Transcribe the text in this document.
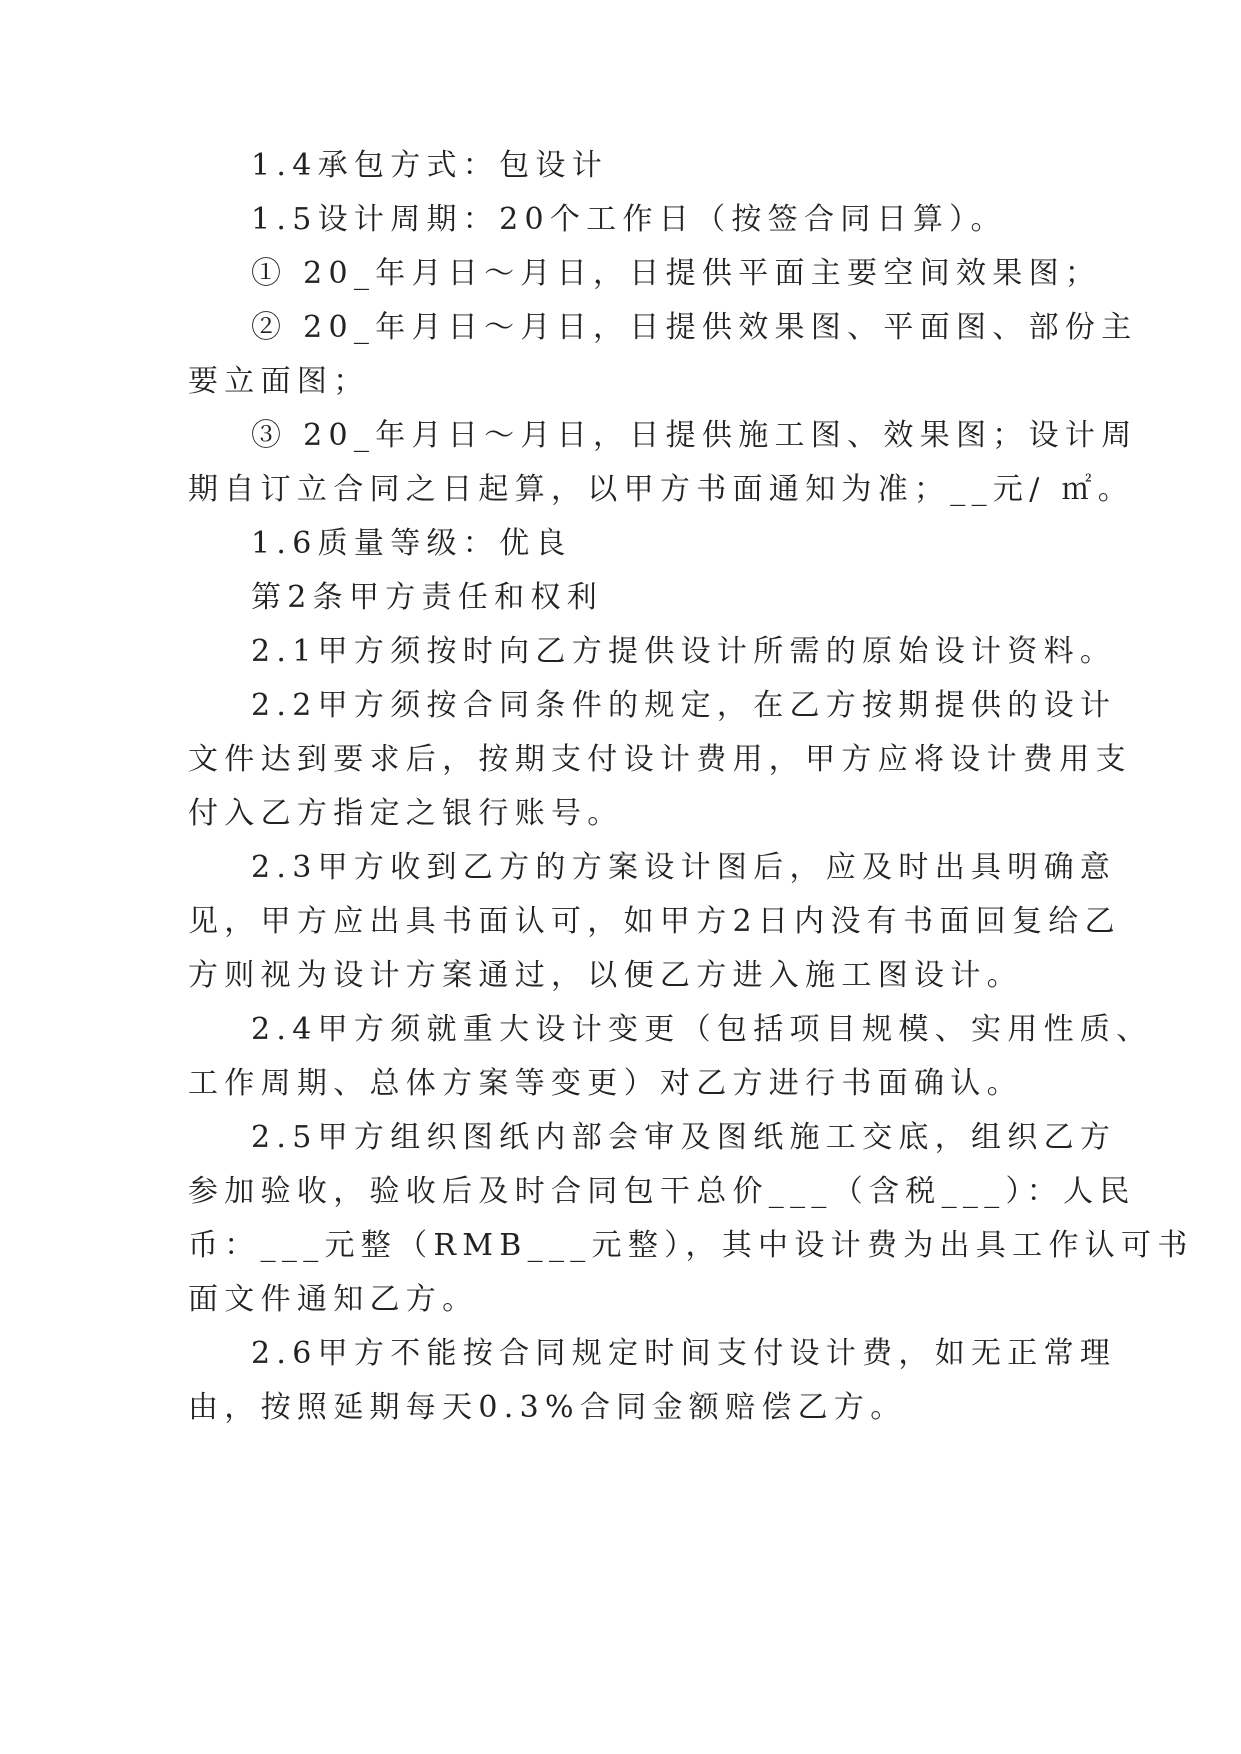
1.4承包方式：包设计
1.5设计周期：20个工作日（按签合同日算）。
① 20_年月日～月日，日提供平面主要空间效果图；
② 20_年月日～月日，日提供效果图、平面图、部份主
要立面图；
③ 20_年月日～月日，日提供施工图、效果图；设计周
期自订立合同之日起算，以甲方书面通知为准；__元/ ㎡。
1.6质量等级：优良
第2条甲方责任和权利
2.1甲方须按时向乙方提供设计所需的原始设计资料。
2.2甲方须按合同条件的规定，在乙方按期提供的设计
文件达到要求后，按期支付设计费用，甲方应将设计费用支
付入乙方指定之银行账号。
2.3甲方收到乙方的方案设计图后，应及时出具明确意
见，甲方应出具书面认可，如甲方2日内没有书面回复给乙
方则视为设计方案通过，以便乙方进入施工图设计。
2.4甲方须就重大设计变更（包括项目规模、实用性质、
工作周期、总体方案等变更）对乙方进行书面确认。
2.5甲方组织图纸内部会审及图纸施工交底，组织乙方
参加验收，验收后及时合同包干总价___（含税___）：人民
币：___元整（RMB___元整），其中设计费为出具工作认可书
面文件通知乙方。
2.6甲方不能按合同规定时间支付设计费，如无正常理
由，按照延期每天0.3%合同金额赔偿乙方。
